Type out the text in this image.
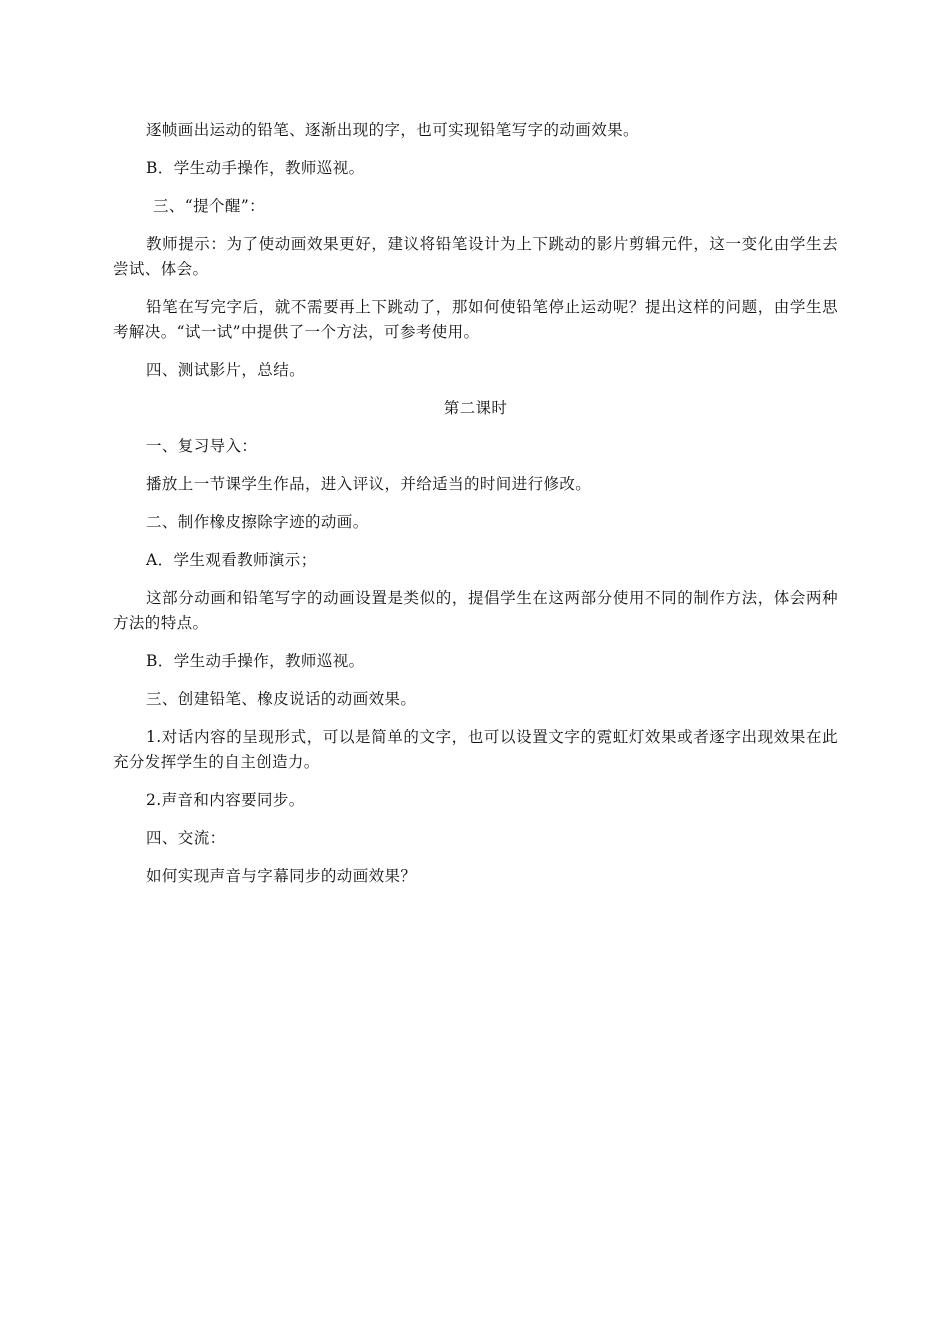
逐帧画出运动的铅笔、逐渐出现的字，也可实现铅笔写字的动画效果。

B．学生动手操作，教师巡视。

三、“提个醒”：

教师提示：为了使动画效果更好，建议将铅笔设计为上下跳动的影片剪辑元件，这一变化由学生去尝试、体会。

铅笔在写完字后，就不需要再上下跳动了，那如何使铅笔停止运动呢？提出这样的问题，由学生思考解决。“试一试”中提供了一个方法，可参考使用。

四、测试影片，总结。

第二课时

一、复习导入：

播放上一节课学生作品，进入评议，并给适当的时间进行修改。

二、制作橡皮擦除字迹的动画。

A．学生观看教师演示；

这部分动画和铅笔写字的动画设置是类似的，提倡学生在这两部分使用不同的制作方法，体会两种方法的特点。

B．学生动手操作，教师巡视。

三、创建铅笔、橡皮说话的动画效果。

1.对话内容的呈现形式，可以是简单的文字，也可以设置文字的霓虹灯效果或者逐字出现效果在此充分发挥学生的自主创造力。

2.声音和内容要同步。

四、交流：

如何实现声音与字幕同步的动画效果？
